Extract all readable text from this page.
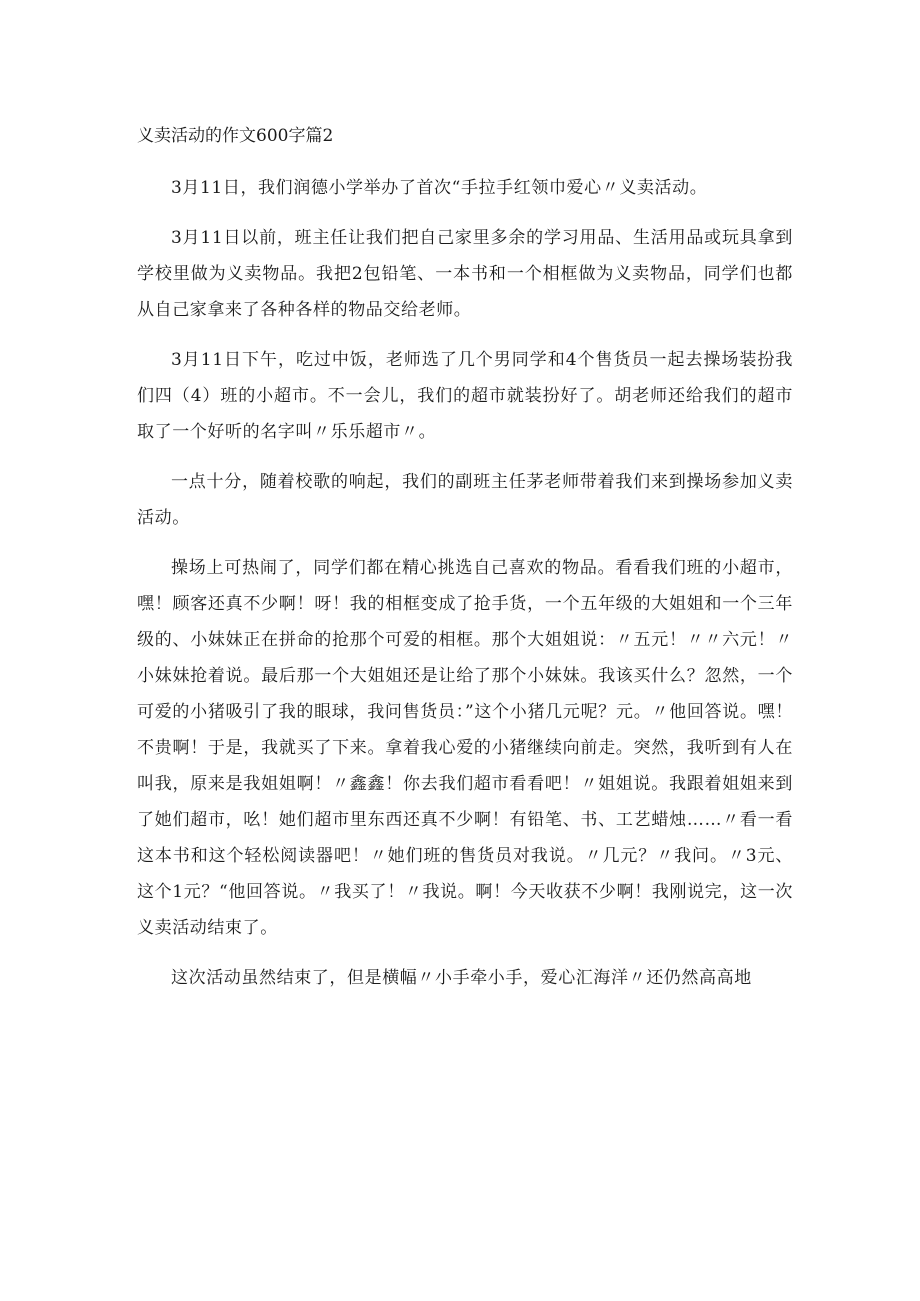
义卖活动的作文600字篇2

3月11日，我们润德小学举办了首次“手拉手红领巾爱心〃义卖活动。

3月11日以前，班主任让我们把自己家里多余的学习用品、生活用品或玩具拿到学校里做为义卖物品。我把2包铅笔、一本书和一个相框做为义卖物品，同学们也都从自己家拿来了各种各样的物品交给老师。

3月11日下午，吃过中饭，老师选了几个男同学和4个售货员一起去操场装扮我们四（4）班的小超市。不一会儿，我们的超市就装扮好了。胡老师还给我们的超市取了一个好听的名字叫〃乐乐超市〃。

一点十分，随着校歌的响起，我们的副班主任茅老师带着我们来到操场参加义卖活动。

操场上可热闹了，同学们都在精心挑选自己喜欢的物品。看看我们班的小超市，嘿！顾客还真不少啊！呀！我的相框变成了抢手货，一个五年级的大姐姐和一个三年级的、小妹妹正在拼命的抢那个可爱的相框。那个大姐姐说：〃五元！〃〃六元！〃小妹妹抢着说。最后那一个大姐姐还是让给了那个小妹妹。我该买什么？忽然，一个可爱的小猪吸引了我的眼球，我问售货员：”这个小猪几元呢？元。〃他回答说。嘿！不贵啊！于是，我就买了下来。拿着我心爱的小猪继续向前走。突然，我听到有人在叫我，原来是我姐姐啊！〃鑫鑫！你去我们超市看看吧！〃姐姐说。我跟着姐姐来到了她们超市，吆！她们超市里东西还真不少啊！有铅笔、书、工艺蜡烛……〃看一看这本书和这个轻松阅读器吧！〃她们班的售货员对我说。〃几元？〃我问。〃3元、这个1元？“他回答说。〃我买了！〃我说。啊！今天收获不少啊！我刚说完，这一次义卖活动结束了。

这次活动虽然结束了，但是横幅〃小手牵小手，爱心汇海洋〃还仍然高高地
